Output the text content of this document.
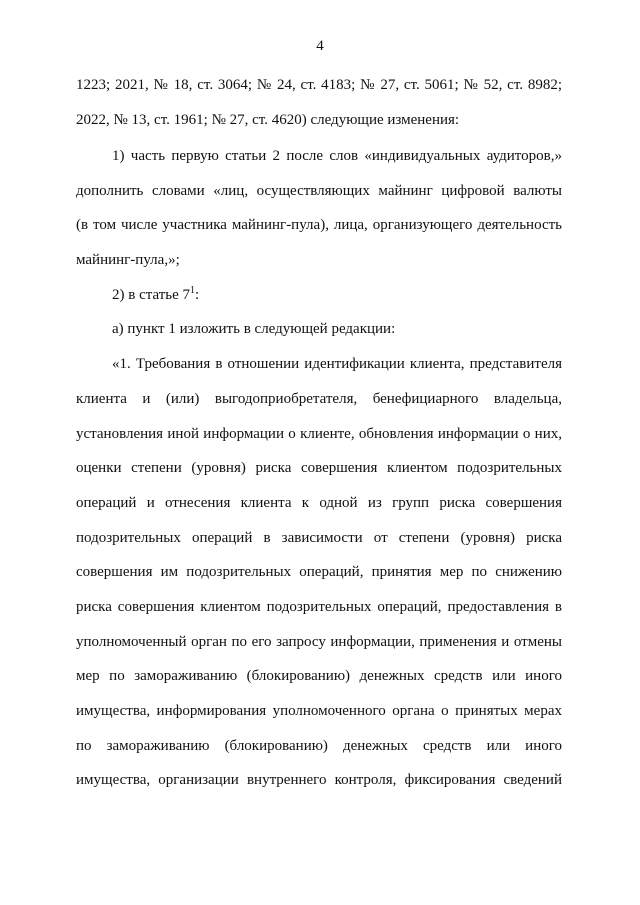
4
1223; 2021, № 18, ст. 3064; № 24, ст. 4183; № 27, ст. 5061; № 52, ст. 8982;
2022, № 13, ст. 1961; № 27, ст. 4620) следующие изменения:
1) часть первую статьи 2 после слов «индивидуальных аудиторов,»
дополнить словами «лиц, осуществляющих майнинг цифровой валюты
(в том числе участника майнинг-пула), лица, организующего деятельность
майнинг-пула,»;
2) в статье $7^1$:
а) пункт 1 изложить в следующей редакции:
«1. Требования в отношении идентификации клиента, представителя
клиента и (или) выгодоприобретателя, бенефициарного владельца,
установления иной информации о клиенте, обновления информации о них,
оценки степени (уровня) риска совершения клиентом подозрительных
операций и отнесения клиента к одной из групп риска совершения
подозрительных операций в зависимости от степени (уровня) риска
совершения им подозрительных операций, принятия мер по снижению
риска совершения клиентом подозрительных операций, предоставления в
уполномоченный орган по его запросу информации, применения и отмены
мер по замораживанию (блокированию) денежных средств или иного
имущества, информирования уполномоченного органа о принятых мерах
по замораживанию (блокированию) денежных средств или иного
имущества, организации внутреннего контроля, фиксирования сведений
